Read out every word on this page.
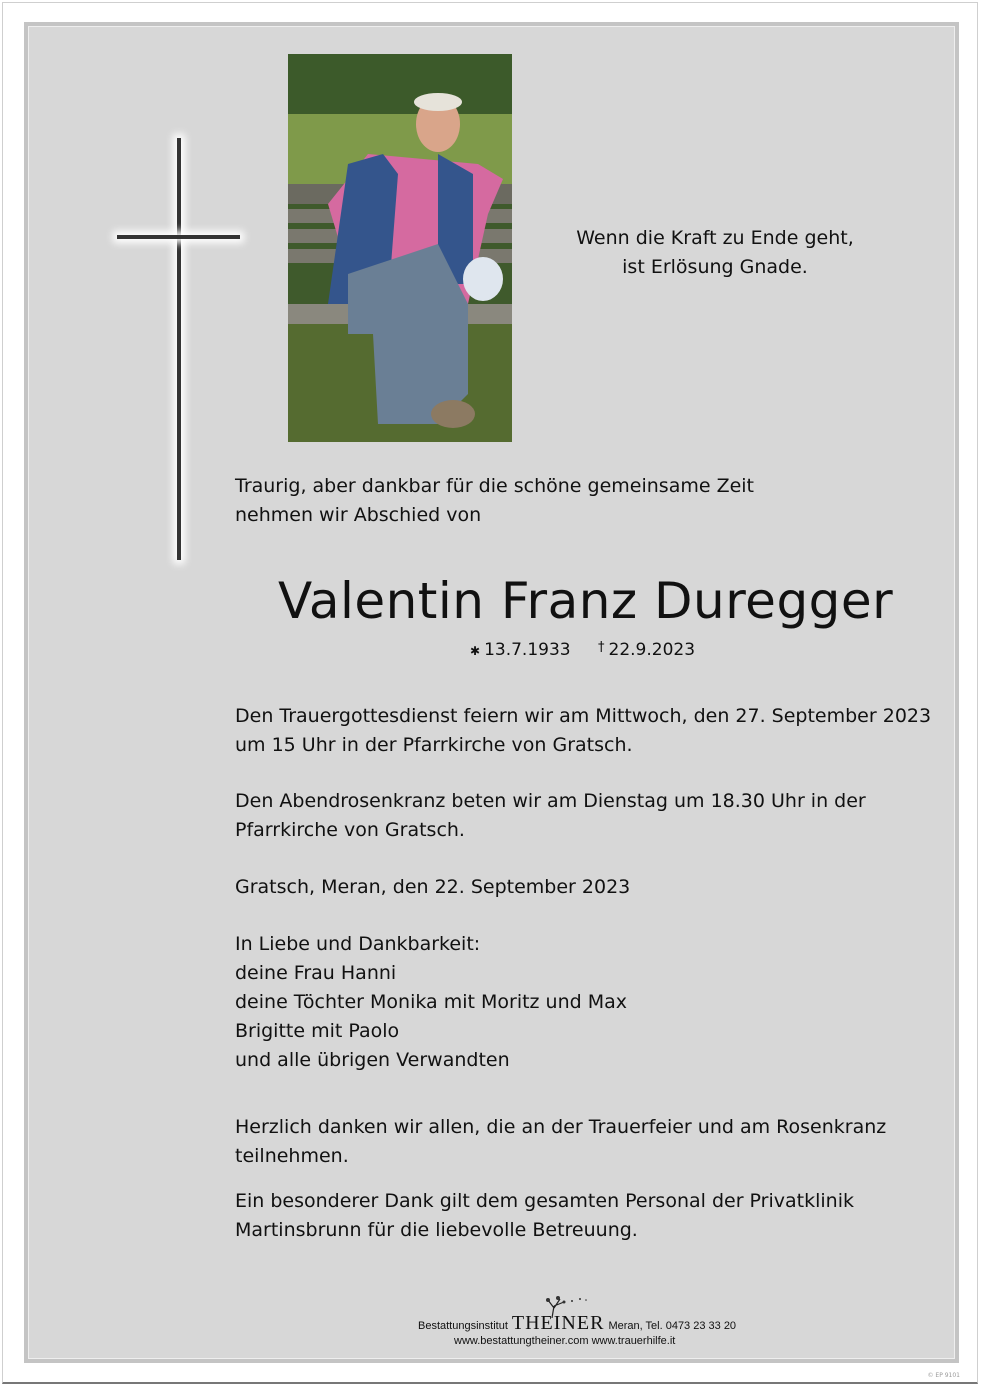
Wenn die Kraft zu Ende geht,
ist Erlösung Gnade.
Traurig, aber dankbar für die schöne gemeinsame Zeit
nehmen wir Abschied von
Valentin Franz Duregger
✱ 13.7.1933 † 22.9.2023
Den Trauergottesdienst feiern wir am Mittwoch, den 27. September 2023
um 15 Uhr in der Pfarrkirche von Gratsch.
Den Abendrosenkranz beten wir am Dienstag um 18.30 Uhr in der
Pfarrkirche von Gratsch.
Gratsch, Meran, den 22. September 2023
In Liebe und Dankbarkeit:
deine Frau Hanni
deine Töchter Monika mit Moritz und Max
Brigitte mit Paolo
und alle übrigen Verwandten
Herzlich danken wir allen, die an der Trauerfeier und am Rosenkranz
teilnehmen.
Ein besonderer Dank gilt dem gesamten Personal der Privatklinik
Martinsbrunn für die liebevolle Betreuung.
Bestattungsinstitut THEINER Meran, Tel. 0473 23 33 20
www.bestattungtheiner.com www.trauerhilfe.it
© EP 9101
